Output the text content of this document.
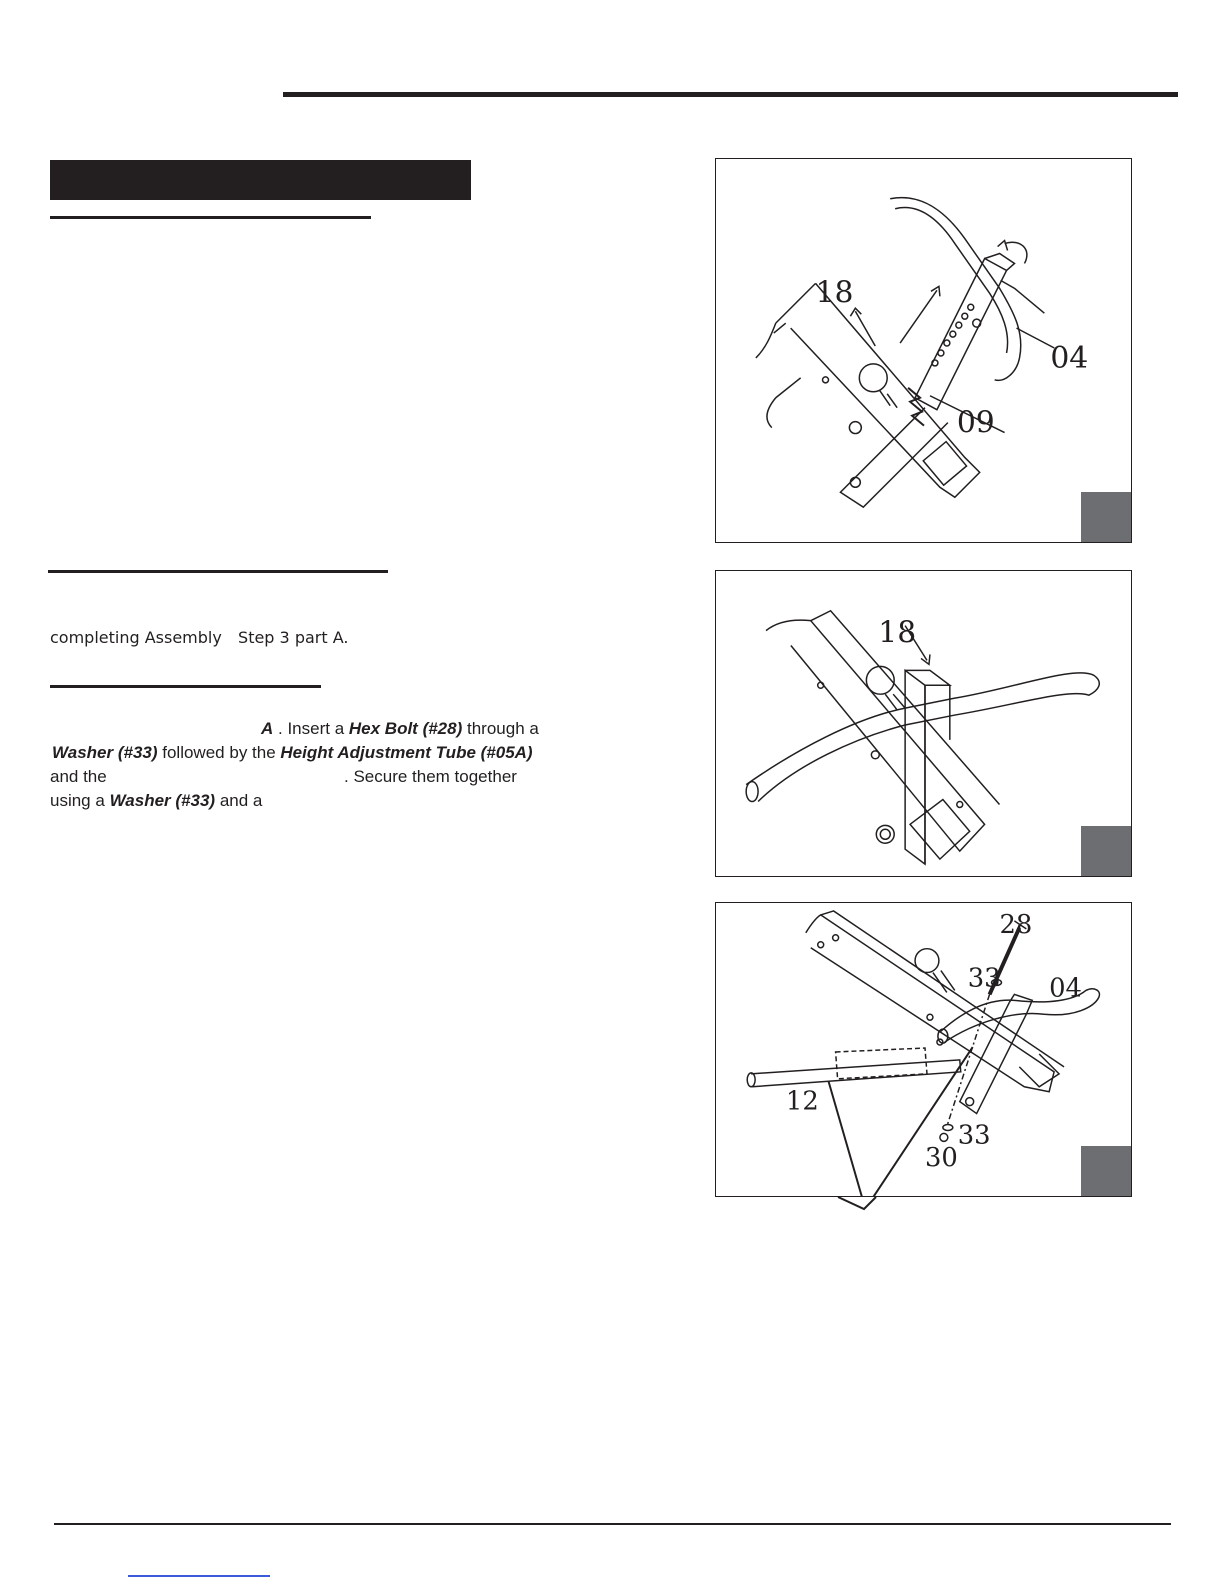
completing Assembly Step 3 part A.
A . Insert a Hex Bolt (#28) through a
Washer (#33) followed by the Height Adjustment Tube (#05A)
and the	. Secure them together
using a Washer (#33) and a
18
04
09
18
28
33 04
12
33
30
